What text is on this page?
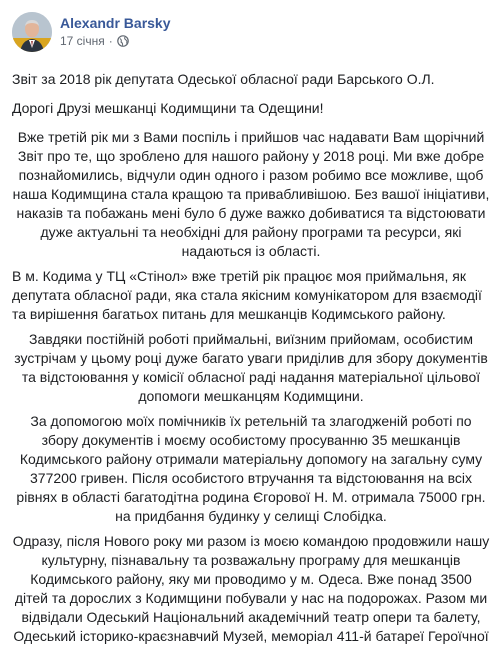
Alexandr Barsky
17 січня ·

Звіт за 2018 рік депутата Одеської обласної ради Барського О.Л.

Дорогі Друзі мешканці Кодимщини та Одещини!

Вже третій рік ми з Вами поспіль і прийшов час надавати Вам щорічний Звіт про те, що зроблено для нашого району у 2018 році. Ми вже добре познайомились, відчули один одного і разом робимо все можливе, щоб наша Кодимщина стала кращою та привабливішою. Без вашої ініціативи, наказів та побажань мені було б дуже важко добиватися та відстоювати дуже актуальні та необхідні для району програми та ресурси, які надаються із області.

В м. Кодима у ТЦ «Стінол» вже третій рік працює моя приймальня, як депутата обласної ради, яка стала якісним комунікатором для взаємодії та вирішення багатьох питань для мешканців Кодимського району.

Завдяки постійній роботі приймальні, виїзним прийомам, особистим зустрічам у цьому році дуже багато уваги приділив для збору документів та відстоювання у комісії обласної раді надання матеріальної цільової допомоги мешканцям Кодимщини.

За допомогою моїх помічників їх ретельній та злагодженій роботі по збору документів і моєму особистому просуванню 35 мешканців Кодимського району отримали матеріальну допомогу на загальну суму 377200 гривен. Після особистого втручання та відстоювання на всіх рівнях в області багатодітна родина Єгорової Н. М. отримала 75000 грн. на придбання будинку у селищі Слобідка.

Одразу, після Нового року ми разом із моєю командою продовжили нашу культурну, пізнавальну та розважальну програму для мешканців Кодимського району, яку ми проводимо у м. Одеса. Вже понад 3500 дітей та дорослих з Кодимщини побували у нас на подорожах. Разом ми відвідали Одеський Національний академічний театр опери та балету, Одеський історико-краєзнавчий Музей, меморіал 411-й батареї Героїчної
